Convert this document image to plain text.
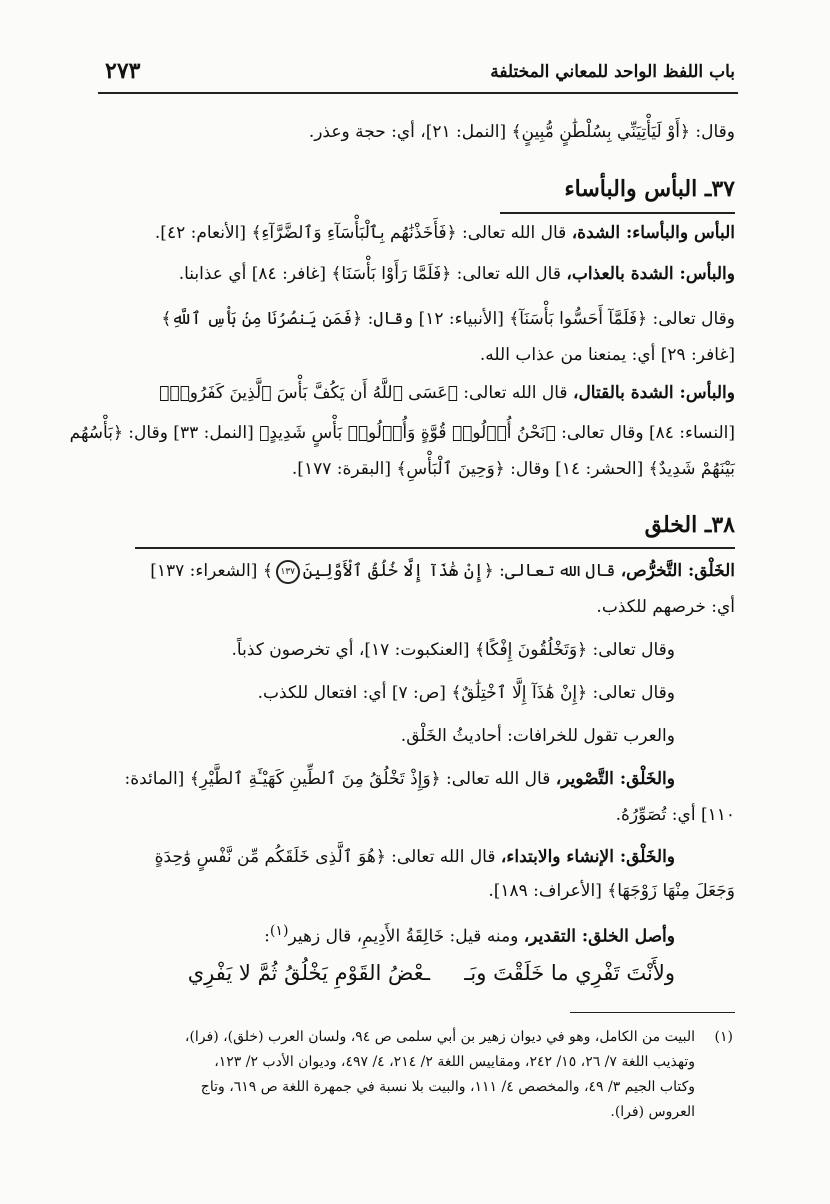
باب اللفظ الواحد للمعاني المختلفة
٢٧٣
وقال: ﴿أَوْ لَيَأْتِيَنِّي بِسُلْطَٰنٍ مُّبِينٍ﴾ [النمل: ٢١]، أي: حجة وعذر.
٣٧ـ البأس والبأساء
البأس والبأساء: الشدة، قال الله تعالى: ﴿فَأَخَذْنَٰهُم بِٱلْبَأْسَآءِ وَٱلضَّرَّآءِ﴾ [الأنعام: ٤٢].
والبأس: الشدة بالعذاب، قال الله تعالى: ﴿فَلَمَّا رَأَوْا بَأْسَنَا﴾ [غافر: ٨٤] أي عذابنا.
وقال تعالى: ﴿فَلَمَّآ أَحَسُّوا بَأْسَنَآ﴾ [الأنبياء: ١٢] وقال: ﴿فَمَن يَنصُرُنَا مِنۢ بَأْسِ ٱللَّهِ﴾
[غافر: ٢٩] أي: يمنعنا من عذاب الله.
والبأس: الشدة بالقتال، قال الله تعالى: ﴿عَسَى ٱللَّهُ أَن يَكُفَّ بَأْسَ ٱلَّذِينَ كَفَرُوا۟﴾
[النساء: ٨٤] وقال تعالى: ﴿نَحْنُ أُو۟لُوا۟ قُوَّةٍ وَأُو۟لُوا۟ بَأْسٍ شَدِيدٍ﴾ [النمل: ٣٣] وقال: ﴿بَأْسُهُم
بَيْنَهُمْ شَدِيدٌ﴾ [الحشر: ١٤] وقال: ﴿وَحِينَ ٱلْبَأْسِ﴾ [البقرة: ١٧٧].
٣٨ـ الخلق
الخَلْق: التَّخرُّص، قال الله تعالى: ﴿إِنْ هَٰذَآ إِلَّا خُلُقُ ٱلْأَوَّلِينَ١٣٧﴾ [الشعراء: ١٣٧]
أي: خرصهم للكذب.
وقال تعالى: ﴿وَتَخْلُقُونَ إِفْكًا﴾ [العنكبوت: ١٧]، أي تخرصون كذباً.
وقال تعالى: ﴿إِنْ هَٰذَآ إِلَّا ٱخْتِلَٰقٌ﴾ [ص: ٧] أي: افتعال للكذب.
والعرب تقول للخرافات: أحاديثُ الخَلْق.
والخَلْق: التَّصْوير، قال الله تعالى: ﴿وَإِذْ تَخْلُقُ مِنَ ٱلطِّينِ كَهَيْـَٔةِ ٱلطَّيْرِ﴾ [المائدة:
١١٠] أي: تُصَوِّرُهُ.
والخَلْق: الإنشاء والابتداء، قال الله تعالى: ﴿هُوَ ٱلَّذِى خَلَقَكُم مِّن نَّفْسٍ وَٰحِدَةٍ
وَجَعَلَ مِنْهَا زَوْجَهَا﴾ [الأعراف: ١٨٩].
وأصل الخلق: التقدير، ومنه قيل: خَالِقَةُ الأَدِيمِ، قال زهير$^{(١)}$:
ولأَنْتَ تَفْرِي ما خَلَقْتَ وبَـ
ـعْضُ القَوْمِ يَخْلُقُ ثُمَّ لا يَفْرِي
(١)
البيت من الكامل، وهو في ديوان زهير بن أبي سلمى ص ٩٤، ولسان العرب (خلق)، (فرا)،
وتهذيب اللغة ٧/ ٢٦، ١٥/ ٢٤٢، ومقاييس اللغة ٢/ ٢١٤، ٤/ ٤٩٧، وديوان الأدب ٢/ ١٢٣،
وكتاب الجيم ٣/ ٤٩، والمخصص ٤/ ١١١، والبيت بلا نسبة في جمهرة اللغة ص ٦١٩، وتاج
العروس (فرا).
